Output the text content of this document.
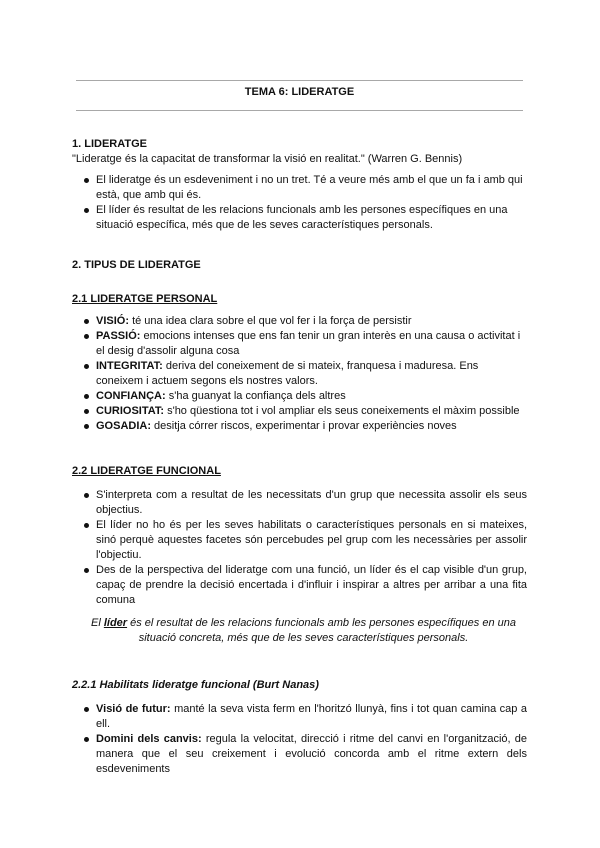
TEMA 6: LIDERATGE
1. LIDERATGE
"Lideratge és la capacitat de transformar la visió en realitat." (Warren G. Bennis)
El lideratge és un esdeveniment i no un tret. Té a veure més amb el que un fa i amb qui està, que amb qui és.
El líder és resultat de les relacions funcionals amb les persones específiques en una situació específica, més que de les seves característiques personals.
2. TIPUS DE LIDERATGE
2.1 LIDERATGE PERSONAL
VISIÓ: té una idea clara sobre el que vol fer i la força de persistir
PASSIÓ: emocions intenses que ens fan tenir un gran interès en una causa o activitat i el desig d'assolir alguna cosa
INTEGRITAT: deriva del coneixement de si mateix, franquesa i maduresa. Ens coneixem i actuem segons els nostres valors.
CONFIANÇA: s'ha guanyat la confiança dels altres
CURIOSITAT: s'ho qüestiona tot i vol ampliar els seus coneixements el màxim possible
GOSADIA: desitja córrer riscos, experimentar i provar experiències noves
2.2 LIDERATGE FUNCIONAL
S'interpreta com a resultat de les necessitats d'un grup que necessita assolir els seus objectius.
El líder no ho és per les seves habilitats o característiques personals en si mateixes, sinó perquè aquestes facetes són percebudes pel grup com les necessàries per assolir l'objectiu.
Des de la perspectiva del lideratge com una funció, un líder és el cap visible d'un grup, capaç de prendre la decisió encertada i d'influir i inspirar a altres per arribar a una fita comuna
El líder és el resultat de les relacions funcionals amb les persones específiques en una situació concreta, més que de les seves característiques personals.
2.2.1 Habilitats lideratge funcional (Burt Nanas)
Visió de futur: manté la seva vista ferm en l'horitzó llunyà, fins i tot quan camina cap a ell.
Domini dels canvis: regula la velocitat, direcció i ritme del canvi en l'organització, de manera que el seu creixement i evolució concorda amb el ritme extern dels esdeveniments
